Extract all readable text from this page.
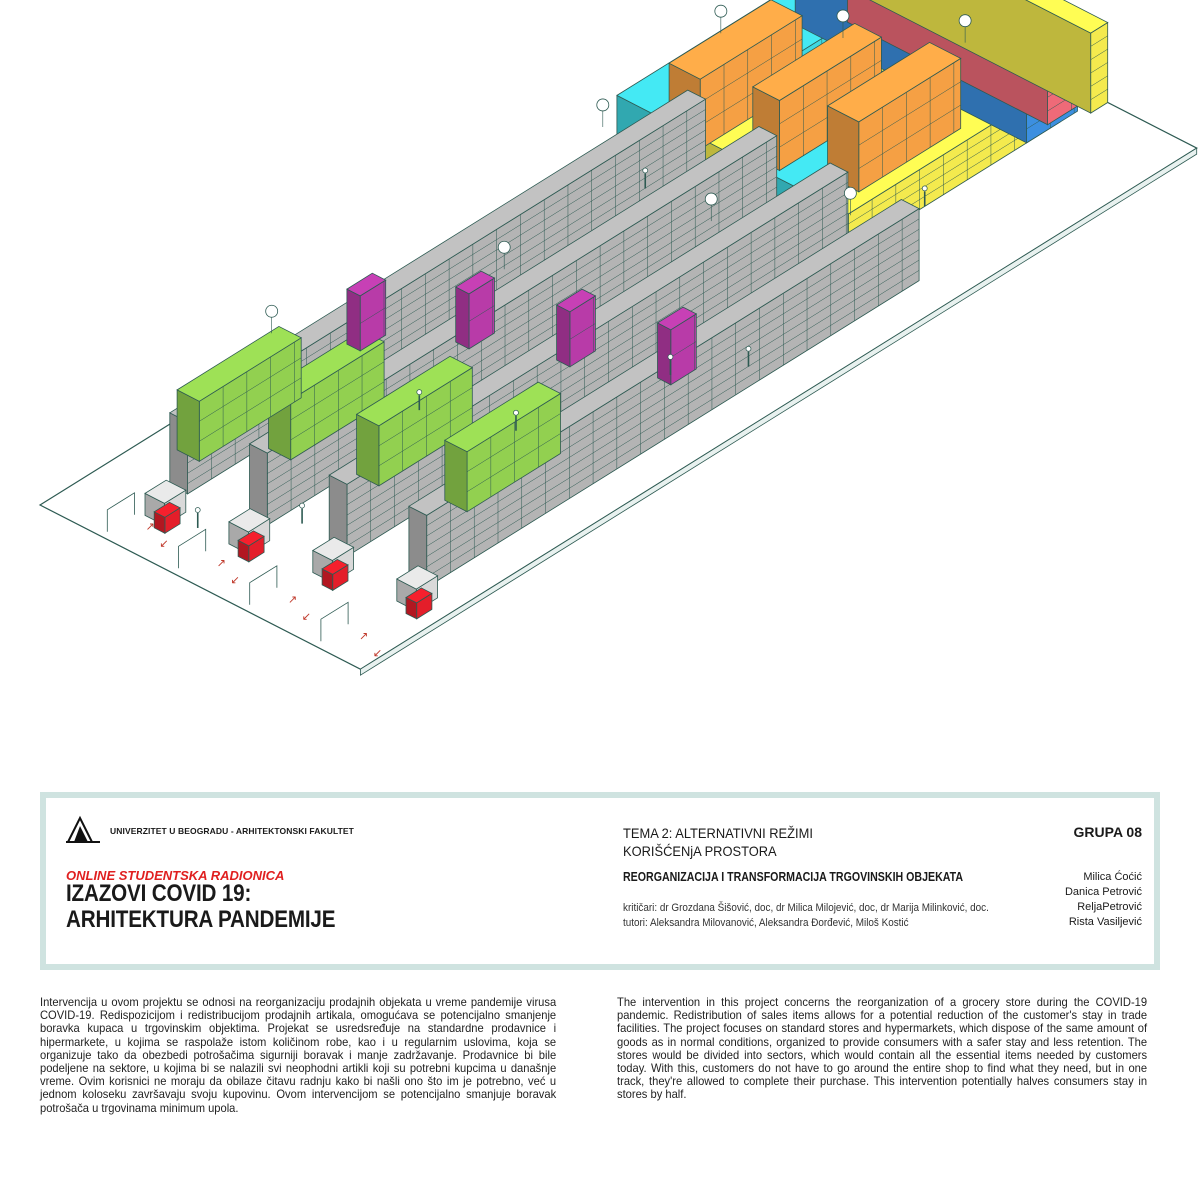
↗
↙
↗
↙
↗
↙
↗
↙
UNIVERZITET U BEOGRADU - ARHITEKTONSKI FAKULTET
ONLINE STUDENTSKA RADIONICA
IZAZOVI COVID 19:
ARHITEKTURA PANDEMIJE
TEMA 2: ALTERNATIVNI REŽIMI
KORIŠĆENjA PROSTORA
REORGANIZACIJA I TRANSFORMACIJA TRGOVINSKIH OBJEKATA
kritičari: dr Grozdana Šišović, doc, dr Milica Milojević, doc, dr Marija Milinković, doc.
tutori: Aleksandra Milovanović, Aleksandra Đorđević, Miloš Kostić
GRUPA 08
Milica Ćoćić
Danica Petrović
ReljaPetrović
Rista Vasiljević
Intervencija u ovom projektu se odnosi na reorganizaciju prodajnih objekata u vreme pandemije virusa COVID-19. Redispozicijom i redistribucijom prodajnih artikala, omogućava se potencijalno smanjenje boravka kupaca u trgovinskim objektima. Projekat se usredsređuje na standardne prodavnice i hipermarkete, u kojima se raspolaže istom količinom robe, kao i u regularnim uslovima, koja se organizuje tako da obezbedi potrošačima sigurniji boravak i manje zadržavanje. Prodavnice bi bile podeljene na sektore, u kojima bi se nalazili svi neophodni artikli koji su potrebni kupcima u današnje vreme. Ovim korisnici ne moraju da obilaze čitavu radnju kako bi našli ono što im je potrebno, već u jednom koloseku završavaju svoju kupovinu. Ovom intervencijom se potencijalno smanjuje boravak potrošača u trgovinama minimum upola.
The intervention in this project concerns the reorganization of a grocery store during the COVID-19 pandemic. Redistribution of sales items allows for a potential reduction of the customer's stay in trade facilities. The project focuses on standard stores and hypermarkets, which dispose of the same amount of goods as in normal conditions, organized to provide consumers with a safer stay and less retention. The stores would be divided into sectors, which would contain all the essential items needed by customers today. With this, customers do not have to go around the entire shop to find what they need, but in one track, they're allowed to complete their purchase. This intervention potentially halves consumers stay in stores by half.
